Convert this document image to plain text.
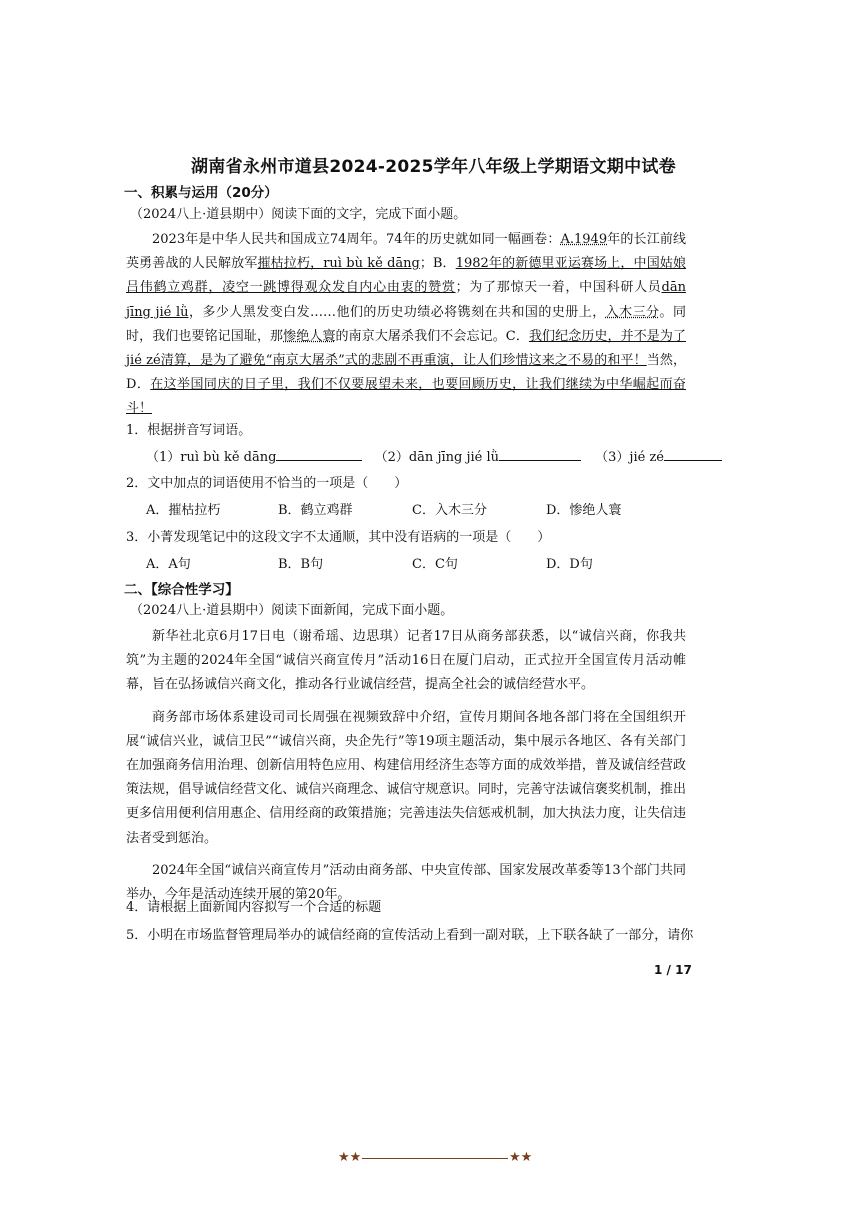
湖南省永州市道县2024-2025学年八年级上学期语文期中试卷
一、积累与运用（20分）
（2024八上·道县期中）阅读下面的文字，完成下面小题。

2023年是中华人民共和国成立74周年。74年的历史就如同一幅画卷：A.1949年的长江前线英勇善战的人民解放军摧枯拉朽，ruì bù kě dāng；B．1982年的新德里亚运赛场上，中国姑娘吕伟鹤立鸡群，凌空一跳博得观众发自内心由衷的赞赏；为了那惊天一着，中国科研人员dān jīng jié lǜ，多少人黑发变白发……他们的历史功绩必将镌刻在共和国的史册上，入木三分。同时，我们也要铭记国耻，那惨绝人寰的南京大屠杀我们不会忘记。C．我们纪念历史，并不是为了 jié zé清算，是为了避免“南京大屠杀”式的悲剧不再重演，让人们珍惜这来之不易的和平！当然，D．在这举国同庆的日子里，我们不仅要展望未来，也要回顾历史，让我们继续为中华崛起而奋斗！

1．根据拼音写词语。
（1）ruì bù kě dāng	（2）dān jīng jié lǜ	（3）jié zé
2．文中加点的词语使用不恰当的一项是（　　）
A．摧枯拉朽	B．鹤立鸡群	C．入木三分	D．惨绝人寰
3．小菁发现笔记中的这段文字不太通顺，其中没有语病的一项是（　　）
A．A句	B．B句	C．C句	D．D句
二、【综合性学习】
（2024八上·道县期中）阅读下面新闻，完成下面小题。

新华社北京6月17日电（谢希瑶、边思琪）记者17日从商务部获悉，以“诚信兴商，你我共筑”为主题的2024年全国“诚信兴商宣传月”活动16日在厦门启动，正式拉开全国宣传月活动帷幕，旨在弘扬诚信兴商文化，推动各行业诚信经营，提高全社会的诚信经营水平。

商务部市场体系建设司司长周强在视频致辞中介绍，宣传月期间各地各部门将在全国组织开展“诚信兴业，诚信卫民”“诚信兴商，央企先行”等19项主题活动，集中展示各地区、各有关部门在加强商务信用治理、创新信用特色应用、构建信用经济生态等方面的成效举措，普及诚信经营政策法规，倡导诚信经营文化、诚信兴商理念、诚信守规意识。同时，完善守法诚信褒奖机制，推出更多信用便利信用惠企、信用经商的政策措施；完善违法失信惩戒机制，加大执法力度，让失信违法者受到惩治。

2024年全国“诚信兴商宣传月”活动由商务部、中央宣传部、国家发展改革委等13个部门共同举办，今年是活动连续开展的第20年。

4．请根据上面新闻内容拟写一个合适的标题
5．小明在市场监督管理局举办的诚信经商的宣传活动上看到一副对联，上下联各缺了一部分，请你
1 / 17
★★	★★
